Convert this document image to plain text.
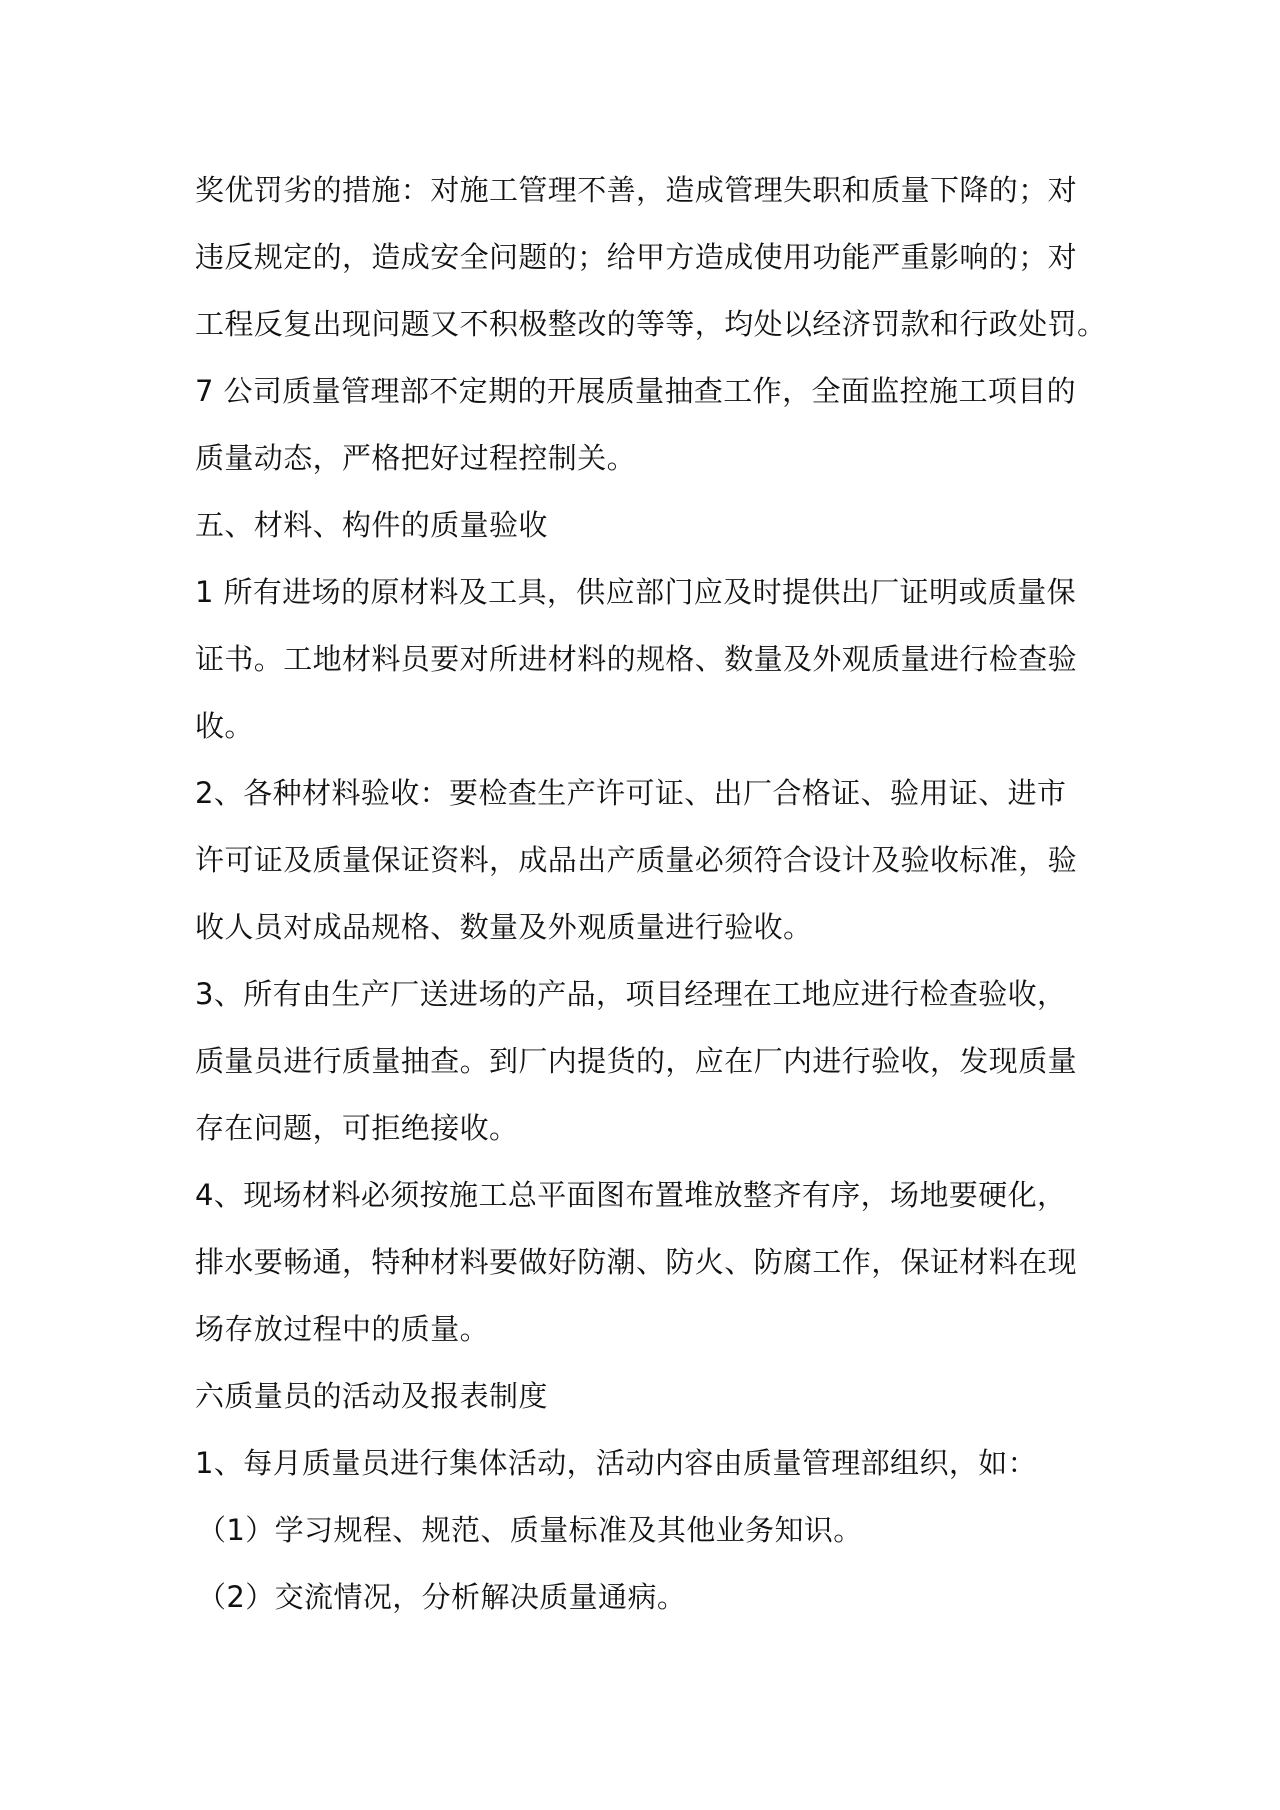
奖优罚劣的措施：对施工管理不善，造成管理失职和质量下降的；对
违反规定的，造成安全问题的；给甲方造成使用功能严重影响的；对
工程反复出现问题又不积极整改的等等，均处以经济罚款和行政处罚。
7 公司质量管理部不定期的开展质量抽查工作，全面监控施工项目的
质量动态，严格把好过程控制关。
五、材料、构件的质量验收
1 所有进场的原材料及工具，供应部门应及时提供出厂证明或质量保
证书。工地材料员要对所进材料的规格、数量及外观质量进行检查验
收。
2、各种材料验收：要检查生产许可证、出厂合格证、验用证、进市
许可证及质量保证资料，成品出产质量必须符合设计及验收标准，验
收人员对成品规格、数量及外观质量进行验收。
3、所有由生产厂送进场的产品，项目经理在工地应进行检查验收，
质量员进行质量抽查。到厂内提货的，应在厂内进行验收，发现质量
存在问题，可拒绝接收。
4、现场材料必须按施工总平面图布置堆放整齐有序，场地要硬化，
排水要畅通，特种材料要做好防潮、防火、防腐工作，保证材料在现
场存放过程中的质量。
六质量员的活动及报表制度
1、每月质量员进行集体活动，活动内容由质量管理部组织，如：
（1）学习规程、规范、质量标准及其他业务知识。
（2）交流情况，分析解决质量通病。
